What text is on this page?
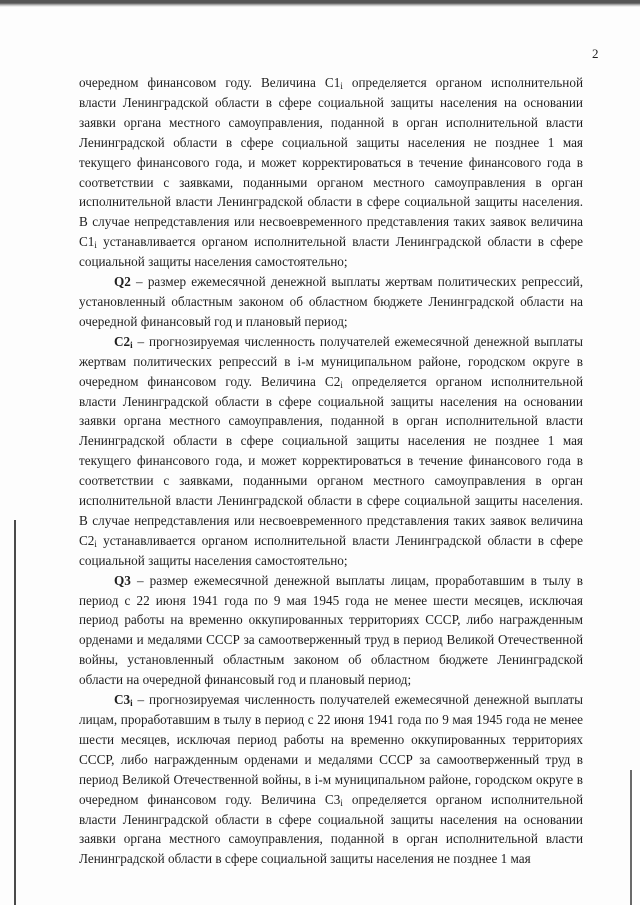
2

очередном финансовом году. Величина $С1_i$ определяется органом исполнительной власти Ленинградской области в сфере социальной защиты населения на основании заявки органа местного самоуправления, поданной в орган исполнительной власти Ленинградской области в сфере социальной защиты населения не позднее 1 мая текущего финансового года, и может корректироваться в течение финансового года в соответствии с заявками, поданными органом местного самоуправления в орган исполнительной власти Ленинградской области в сфере социальной защиты населения. В случае непредставления или несвоевременного представления таких заявок величина $С1_i$ устанавливается органом исполнительной власти Ленинградской области в сфере социальной защиты населения самостоятельно;

Q2 – размер ежемесячной денежной выплаты жертвам политических репрессий, установленный областным законом об областном бюджете Ленинградской области на очередной финансовый год и плановый период;

$С2_i$ – прогнозируемая численность получателей ежемесячной денежной выплаты жертвам политических репрессий в i-м муниципальном районе, городском округе в очередном финансовом году. Величина $С2_i$ определяется органом исполнительной власти Ленинградской области в сфере социальной защиты населения на основании заявки органа местного самоуправления, поданной в орган исполнительной власти Ленинградской области в сфере социальной защиты населения не позднее 1 мая текущего финансового года, и может корректироваться в течение финансового года в соответствии с заявками, поданными органом местного самоуправления в орган исполнительной власти Ленинградской области в сфере социальной защиты населения. В случае непредставления или несвоевременного представления таких заявок величина $С2_i$ устанавливается органом исполнительной власти Ленинградской области в сфере социальной защиты населения самостоятельно;

Q3 – размер ежемесячной денежной выплаты лицам, проработавшим в тылу в период с 22 июня 1941 года по 9 мая 1945 года не менее шести месяцев, исключая период работы на временно оккупированных территориях СССР, либо награжденным орденами и медалями СССР за самоотверженный труд в период Великой Отечественной войны, установленный областным законом об областном бюджете Ленинградской области на очередной финансовый год и плановый период;

$С3_i$ – прогнозируемая численность получателей ежемесячной денежной выплаты лицам, проработавшим в тылу в период с 22 июня 1941 года по 9 мая 1945 года не менее шести месяцев, исключая период работы на временно оккупированных территориях СССР, либо награжденным орденами и медалями СССР за самоотверженный труд в период Великой Отечественной войны, в i-м муниципальном районе, городском округе в очередном финансовом году. Величина $С3_i$ определяется органом исполнительной власти Ленинградской области в сфере социальной защиты населения на основании заявки органа местного самоуправления, поданной в орган исполнительной власти Ленинградской области в сфере социальной защиты населения не позднее 1 мая
